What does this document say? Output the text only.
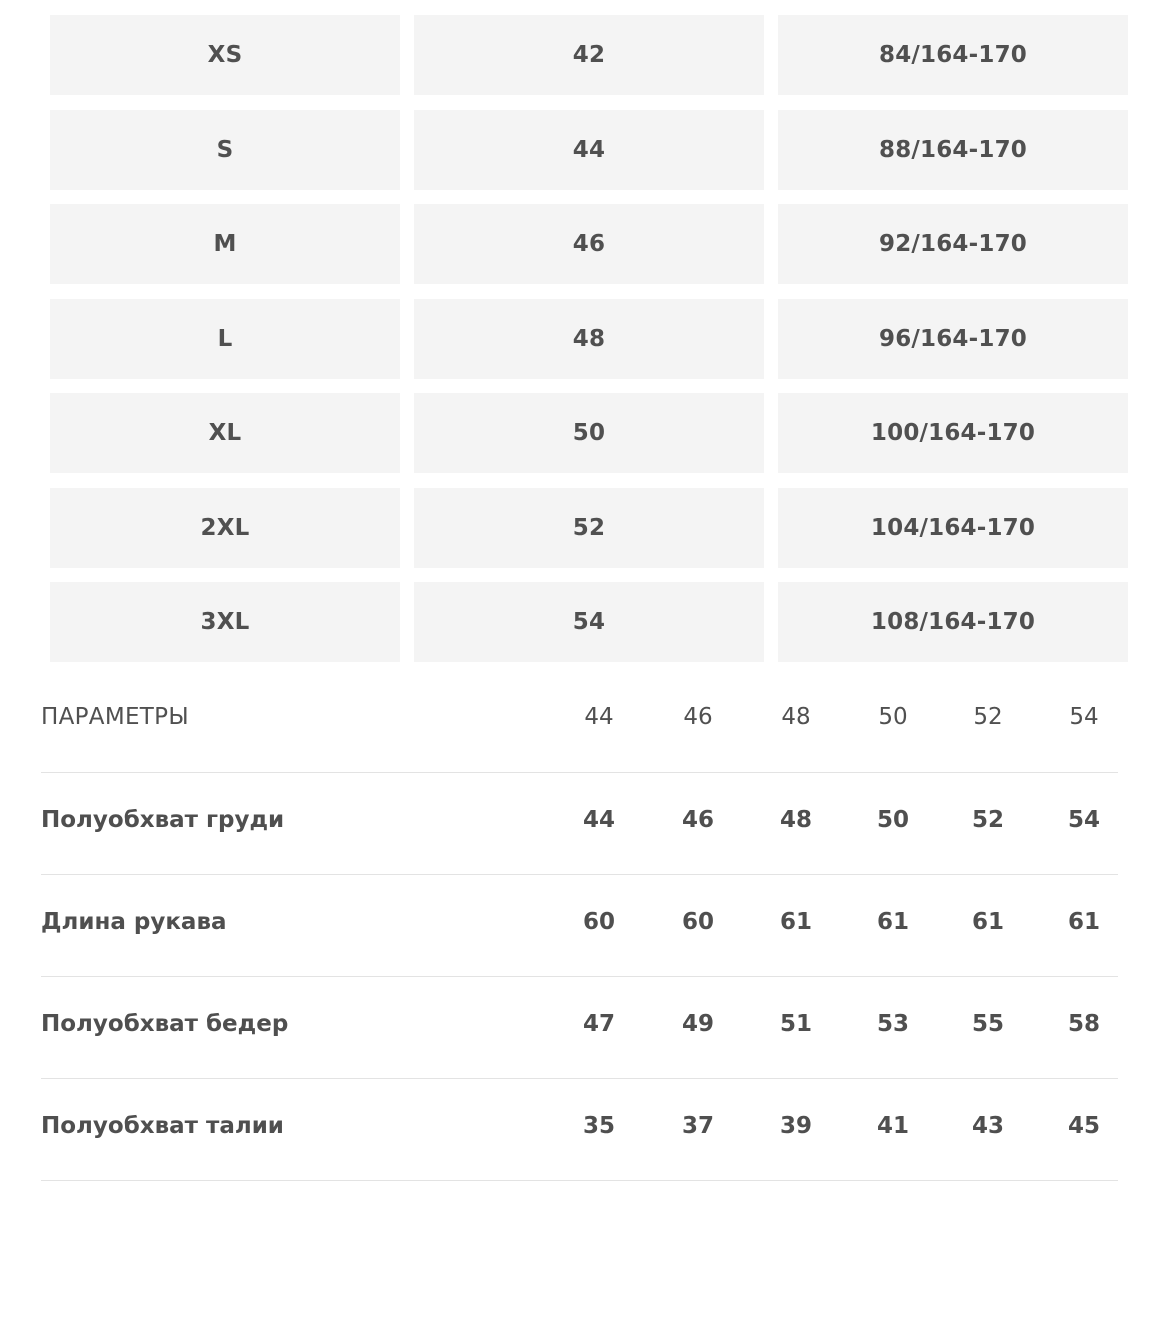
XS	42	84/164-170
S	44	88/164-170
M	46	92/164-170
L	48	96/164-170
XL	50	100/164-170
2XL	52	104/164-170
3XL	54	108/164-170
ПАРАМЕТРЫ	44	46	48	50	52	54
Полуобхват груди	44	46	48	50	52	54
Длина рукава	60	60	61	61	61	61
Полуобхват бедер	47	49	51	53	55	58
Полуобхват талии	35	37	39	41	43	45
